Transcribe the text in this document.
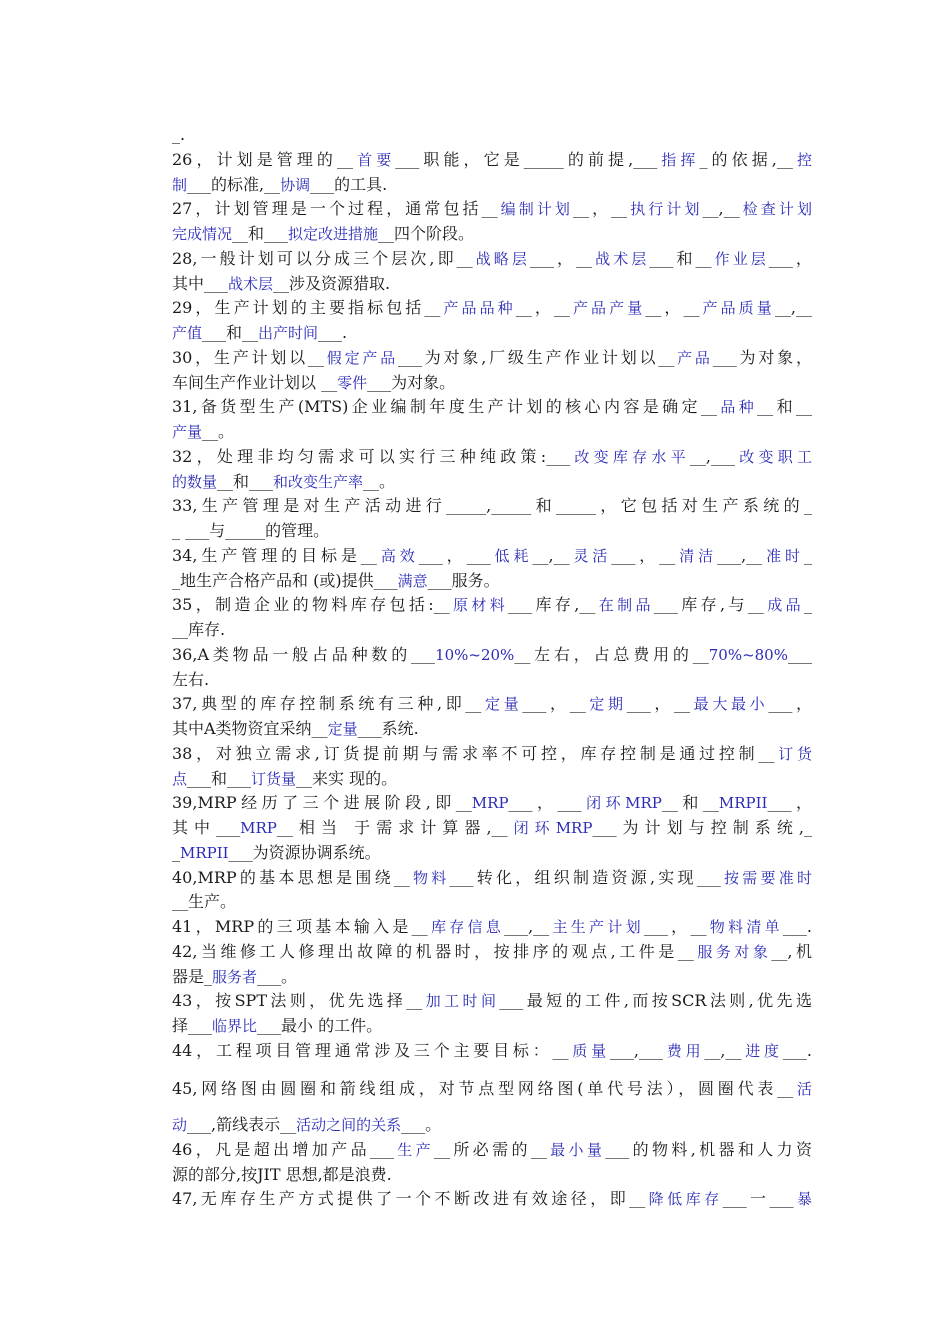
_.
26，计划是管理的__首要___职能，它是_____的前提,___指挥_的依据,__控
制___的标准,__协调___的工具.
27，计划管理是一个过程，通常包括__编制计划__，__执行计划__,__检查计划
完成情况__和___拟定改进措施__四个阶段。
28,一般计划可以分成三个层次,即__战略层___，__战术层___和__作业层___，
其中___战术层__涉及资源猎取.
29，生产计划的主要指标包括__产品品种__，__产品产量__，__产品质量__,__
产值___和__出产时间___.
30，生产计划以__假定产品___为对象,厂级生产作业计划以__产品___为对象，
车间生产作业计划以 __零件___为对象。
31,备货型生产(MTS)企业编制年度生产计划的核心内容是确定__品种__和__
产量__。
32，处理非均匀需求可以实行三种纯政策:___改变库存水平__,___改变职工
的数量__和___和改变生产率__。
33,生产管理是对生产活动进行_____,_____和_____，它包括对生产系统的_
_ ___与_____的管理。
34,生产管理的目标是__高效___，___低耗__,__灵活___，__清洁___,__准时_
_地生产合格产品和 (或)提供___满意___服务。
35，制造企业的物料库存包括:__原材料___库存,__在制品___库存,与__成品_
__库存.
36,A类物品一般占品种数的___10%~20%__左右，占总费用的__70%~80%___
左右.
37,典型的库存控制系统有三种,即__定量___，__定期___，__最大最小___，
其中A类物资宜采纳__定量___系统.
38，对独立需求,订货提前期与需求率不可控，库存控制是通过控制__订货
点___和___订货量__来实 现的。
39,MRP经历了三个进展阶段,即__MRP___，___闭环MRP__和__MRPII___，
其中___MRP__相当 于需求计算器,__闭环MRP___为计划与控制系统,_
_MRPII___为资源协调系统。
40,MRP的基本思想是围绕__物料___转化，组织制造资源,实现___按需要准时
__生产。
41，MRP的三项基本输入是__库存信息___,__主生产计划___，__物料清单___.
42,当维修工人修理出故障的机器时，按排序的观点,工件是__服务对象__,机
器是_服务者___。
43，按SPT法则，优先选择__加工时间___最短的工件,而按SCR法则,优先选
择___临界比___最小 的工件。
44，工程项目管理通常涉及三个主要目标：__质量___,___费用__,__进度___.
45,网络图由圆圈和箭线组成，对节点型网络图(单代号法），圆圈代表__活
动___,箭线表示__活动之间的关系___。
46，凡是超出增加产品___生产__所必需的__最小量___的物料,机器和人力资
源的部分,按JIT 思想,都是浪费.
47,无库存生产方式提供了一个不断改进有效途径，即__降低库存___一___暴
